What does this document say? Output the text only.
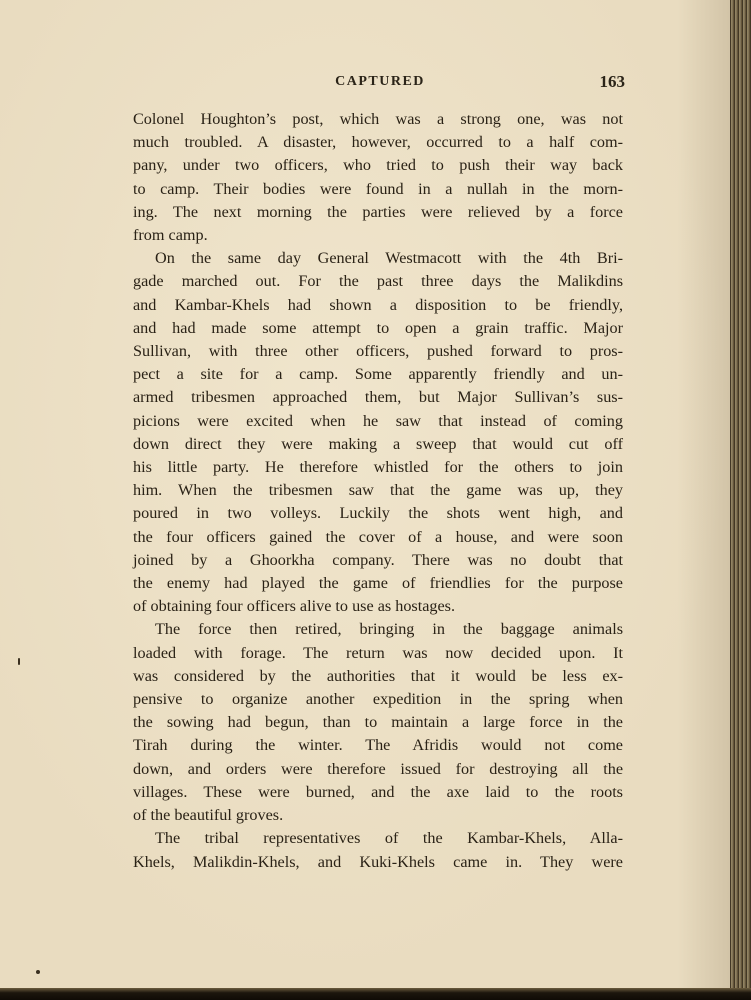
CAPTURED	163
Colonel Houghton’s post, which was a strong one, was not
much troubled. A disaster, however, occurred to a half com-
pany, under two officers, who tried to push their way back
to camp. Their bodies were found in a nullah in the morn-
ing. The next morning the parties were relieved by a force
from camp.
On the same day General Westmacott with the 4th Bri-
gade marched out. For the past three days the Malikdins
and Kambar-Khels had shown a disposition to be friendly,
and had made some attempt to open a grain traffic. Major
Sullivan, with three other officers, pushed forward to pros-
pect a site for a camp. Some apparently friendly and un-
armed tribesmen approached them, but Major Sullivan’s sus-
picions were excited when he saw that instead of coming
down direct they were making a sweep that would cut off
his little party. He therefore whistled for the others to join
him. When the tribesmen saw that the game was up, they
poured in two volleys. Luckily the shots went high, and
the four officers gained the cover of a house, and were soon
joined by a Ghoorkha company. There was no doubt that
the enemy had played the game of friendlies for the purpose
of obtaining four officers alive to use as hostages.
The force then retired, bringing in the baggage animals
loaded with forage. The return was now decided upon. It
was considered by the authorities that it would be less ex-
pensive to organize another expedition in the spring when
the sowing had begun, than to maintain a large force in the
Tirah during the winter. The Afridis would not come
down, and orders were therefore issued for destroying all the
villages. These were burned, and the axe laid to the roots
of the beautiful groves.
The tribal representatives of the Kambar-Khels, Alla-
Khels, Malikdin-Khels, and Kuki-Khels came in. They were
